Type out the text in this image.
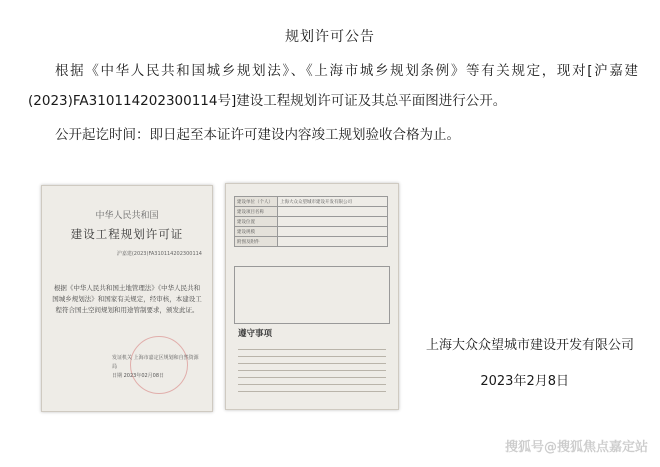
规划许可公告
根据《中华人民共和国城乡规划法》、《上海市城乡规划条例》等有关规定，现对[沪嘉建(2023)FA310114202300114号]建设工程规划许可证及其总平面图进行公开。
公开起讫时间：即日起至本证许可建设内容竣工规划验收合格为止。
中华人民共和国
建设工程规划许可证
沪嘉建(2023)FA310114202300114
根据《中华人民共和国土地管理法》《中华人民共和国城乡规划法》和国家有关规定，经审核，本建设工程符合国土空间规划和用途管制要求，颁发此证。
发证机关 上海市嘉定区规划和自然资源局
日期 2023年02月08日
建设单位（个人）	上海大众众望城市建设开发有限公司
建设项目名称	
建设位置	
建设规模	
附图及附件	
遵守事项
上海大众众望城市建设开发有限公司
2023年2月8日
搜狐号@搜狐焦点嘉定站
